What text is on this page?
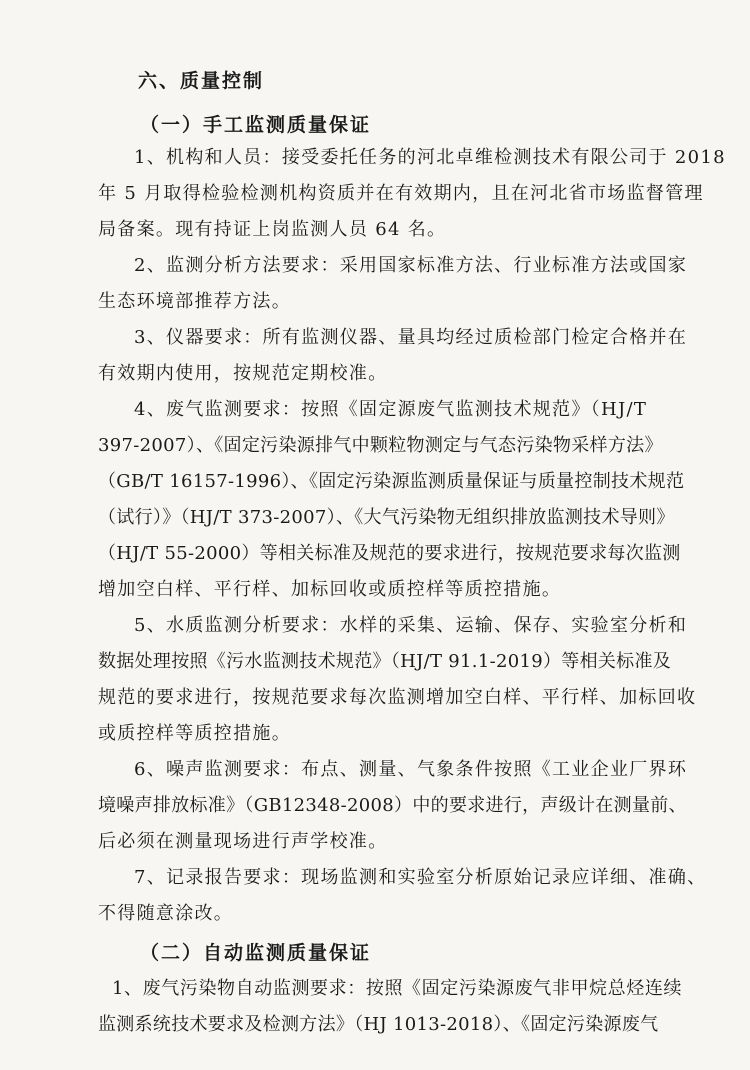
六、质量控制
（一）手工监测质量保证
1、机构和人员：接受委托任务的河北卓维检测技术有限公司于 2018
年 5 月取得检验检测机构资质并在有效期内，且在河北省市场监督管理
局备案。现有持证上岗监测人员 64 名。
2、监测分析方法要求：采用国家标准方法、行业标准方法或国家
生态环境部推荐方法。
3、仪器要求：所有监测仪器、量具均经过质检部门检定合格并在
有效期内使用，按规范定期校准。
4、废气监测要求：按照《固定源废气监测技术规范》（HJ/T
397-2007）、《固定污染源排气中颗粒物测定与气态污染物采样方法》
（GB/T 16157-1996）、《固定污染源监测质量保证与质量控制技术规范
（试行）》（HJ/T 373-2007）、《大气污染物无组织排放监测技术导则》
（HJ/T 55-2000）等相关标准及规范的要求进行，按规范要求每次监测
增加空白样、平行样、加标回收或质控样等质控措施。
5、水质监测分析要求：水样的采集、运输、保存、实验室分析和
数据处理按照《污水监测技术规范》（HJ/T 91.1-2019）等相关标准及
规范的要求进行，按规范要求每次监测增加空白样、平行样、加标回收
或质控样等质控措施。
6、噪声监测要求：布点、测量、气象条件按照《工业企业厂界环
境噪声排放标准》（GB12348-2008）中的要求进行，声级计在测量前、
后必须在测量现场进行声学校准。
7、记录报告要求：现场监测和实验室分析原始记录应详细、准确、
不得随意涂改。
（二）自动监测质量保证
1、废气污染物自动监测要求：按照《固定污染源废气非甲烷总烃连续
监测系统技术要求及检测方法》（HJ 1013-2018）、《固定污染源废气
